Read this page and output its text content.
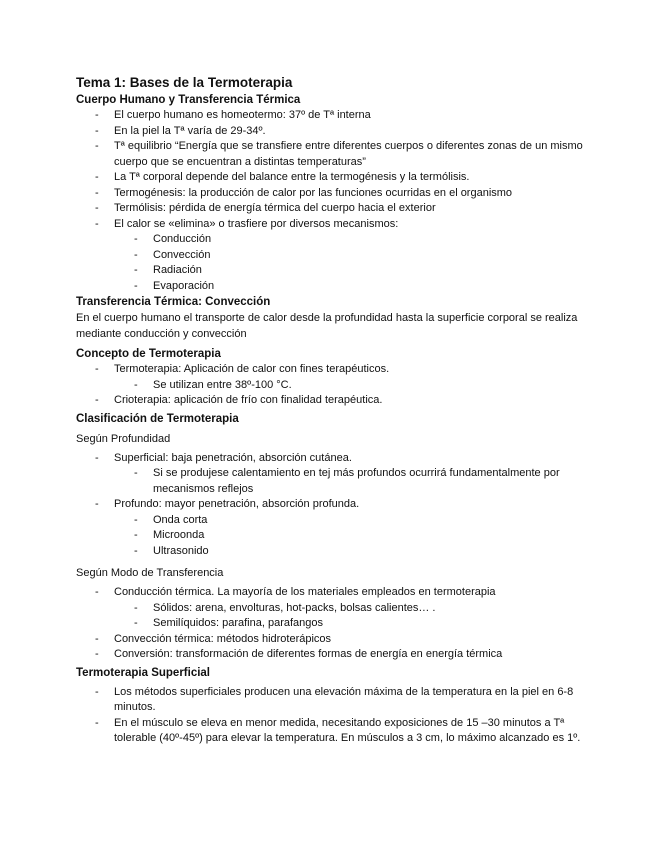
Tema 1: Bases de la Termoterapia

Cuerpo Humano y Transferencia Térmica

- El cuerpo humano es homeotermo: 37º de Tª interna
- En la piel la Tª varía de 29-34º.
- Tª equilibrio “Energía que se transfiere entre diferentes cuerpos o diferentes zonas de un mismo cuerpo que se encuentran a distintas temperaturas”
- La Tª corporal depende del balance entre la termogénesis y la termólisis.
- Termogénesis: la producción de calor por las funciones ocurridas en el organismo
- Termólisis: pérdida de energía térmica del cuerpo hacia el exterior
- El calor se «elimina» o trasfiere por diversos mecanismos:
- Conducción
- Convección
- Radiación
- Evaporación

Transferencia Térmica: Convección

En el cuerpo humano el transporte de calor desde la profundidad hasta la superficie corporal se realiza mediante conducción y convección

Concepto de Termoterapia

- Termoterapia: Aplicación de calor con fines terapéuticos.
- Se utilizan entre 38º-100 °C.
- Crioterapia: aplicación de frío con finalidad terapéutica.

Clasificación de Termoterapia

Según Profundidad

- Superficial: baja penetración, absorción cutánea.
- Si se produjese calentamiento en tej más profundos ocurrirá fundamentalmente por mecanismos reflejos
- Profundo: mayor penetración, absorción profunda.
- Onda corta
- Microonda
- Ultrasonido

Según Modo de Transferencia

- Conducción térmica. La mayoría de los materiales empleados en termoterapia
- Sólidos: arena, envolturas, hot-packs, bolsas calientes… .
- Semilíquidos: parafina, parafangos
- Convección térmica: métodos hidroterápicos
- Conversión: transformación de diferentes formas de energía en energía térmica

Termoterapia Superficial

- Los métodos superficiales producen una elevación máxima de la temperatura en la piel en 6-8 minutos.
- En el músculo se eleva en menor medida, necesitando exposiciones de 15 –30 minutos a Tª tolerable (40º-45º) para elevar la temperatura. En músculos a 3 cm, lo máximo alcanzado es 1º.
